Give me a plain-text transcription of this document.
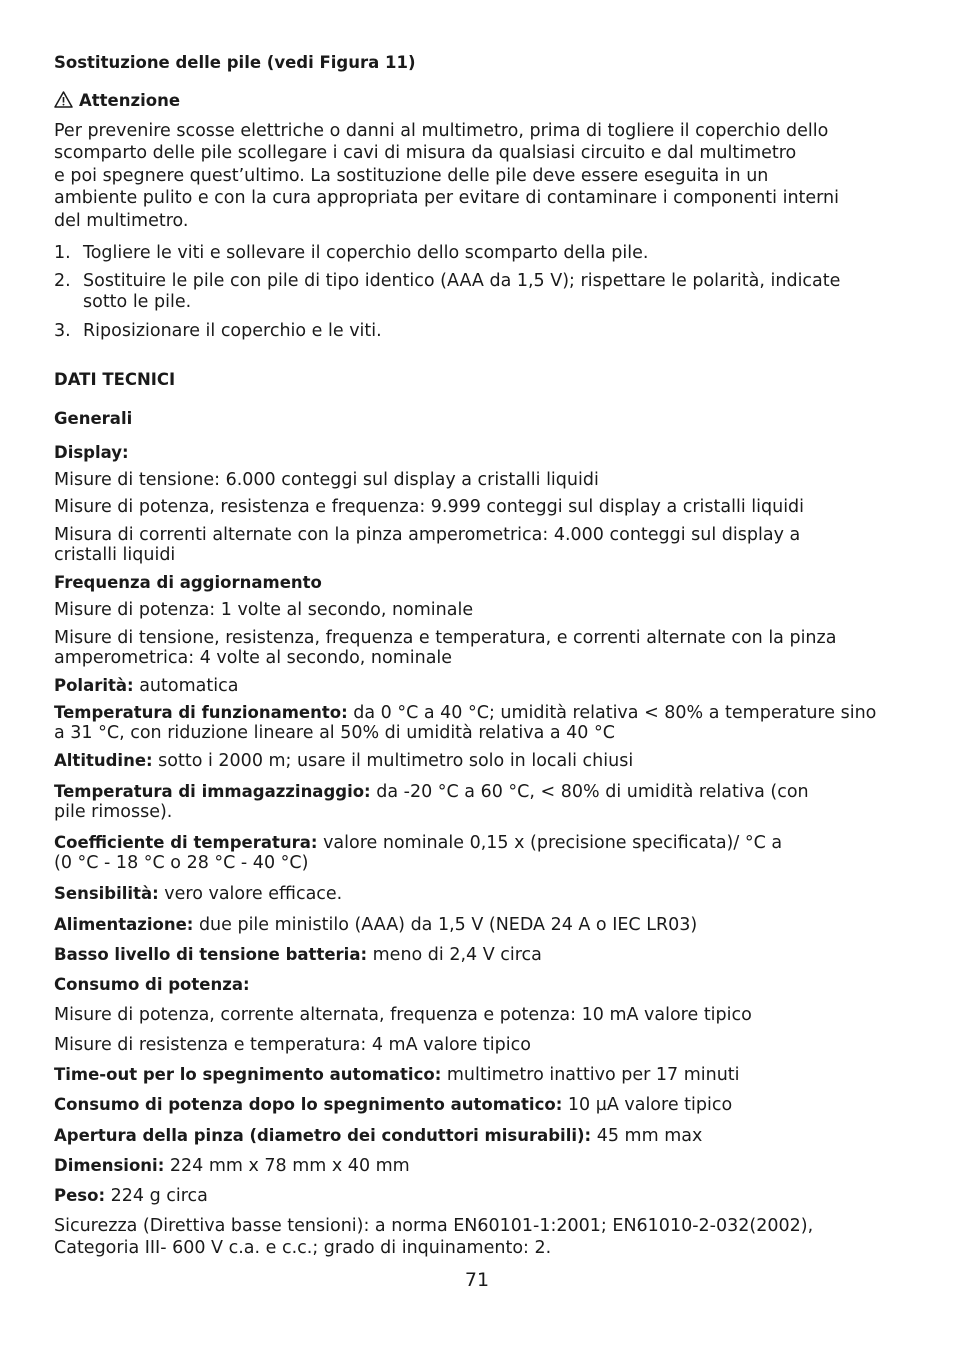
Sostituzione delle pile (vedi Figura 11)
Attenzione
Per prevenire scosse elettriche o danni al multimetro, prima di togliere il coperchio dello
scomparto delle pile scollegare i cavi di misura da qualsiasi circuito e dal multimetro
e poi spegnere quest’ultimo. La sostituzione delle pile deve essere eseguita in un
ambiente pulito e con la cura appropriata per evitare di contaminare i componenti interni
del multimetro.
1. Togliere le viti e sollevare il coperchio dello scomparto della pile.
2. Sostituire le pile con pile di tipo identico (AAA da 1,5 V); rispettare le polarità, indicate
sotto le pile.
3. Riposizionare il coperchio e le viti.
DATI TECNICI
Generali
Display:
Misure di tensione: 6.000 conteggi sul display a cristalli liquidi
Misure di potenza, resistenza e frequenza: 9.999 conteggi sul display a cristalli liquidi
Misura di correnti alternate con la pinza amperometrica: 4.000 conteggi sul display a
cristalli liquidi
Frequenza di aggiornamento
Misure di potenza: 1 volte al secondo, nominale
Misure di tensione, resistenza, frequenza e temperatura, e correnti alternate con la pinza
amperometrica: 4 volte al secondo, nominale
Polarità: automatica
Temperatura di funzionamento: da 0 °C a 40 °C; umidità relativa < 80% a temperature sino
a 31 °C, con riduzione lineare al 50% di umidità relativa a 40 °C
Altitudine: sotto i 2000 m; usare il multimetro solo in locali chiusi
Temperatura di immagazzinaggio: da -20 °C a 60 °C, < 80% di umidità relativa (con
pile rimosse).
Coefficiente di temperatura: valore nominale 0,15 x (precisione specificata)/ °C a
(0 °C - 18 °C o 28 °C - 40 °C)
Sensibilità: vero valore efficace.
Alimentazione: due pile ministilo (AAA) da 1,5 V (NEDA 24 A o IEC LR03)
Basso livello di tensione batteria: meno di 2,4 V circa
Consumo di potenza:
Misure di potenza, corrente alternata, frequenza e potenza: 10 mA valore tipico
Misure di resistenza e temperatura: 4 mA valore tipico
Time-out per lo spegnimento automatico: multimetro inattivo per 17 minuti
Consumo di potenza dopo lo spegnimento automatico: 10 µA valore tipico
Apertura della pinza (diametro dei conduttori misurabili): 45 mm max
Dimensioni: 224 mm x 78 mm x 40 mm
Peso: 224 g circa
Sicurezza (Direttiva basse tensioni): a norma EN60101-1:2001; EN61010-2-032(2002),
Categoria III- 600 V c.a. e c.c.; grado di inquinamento: 2.
71
